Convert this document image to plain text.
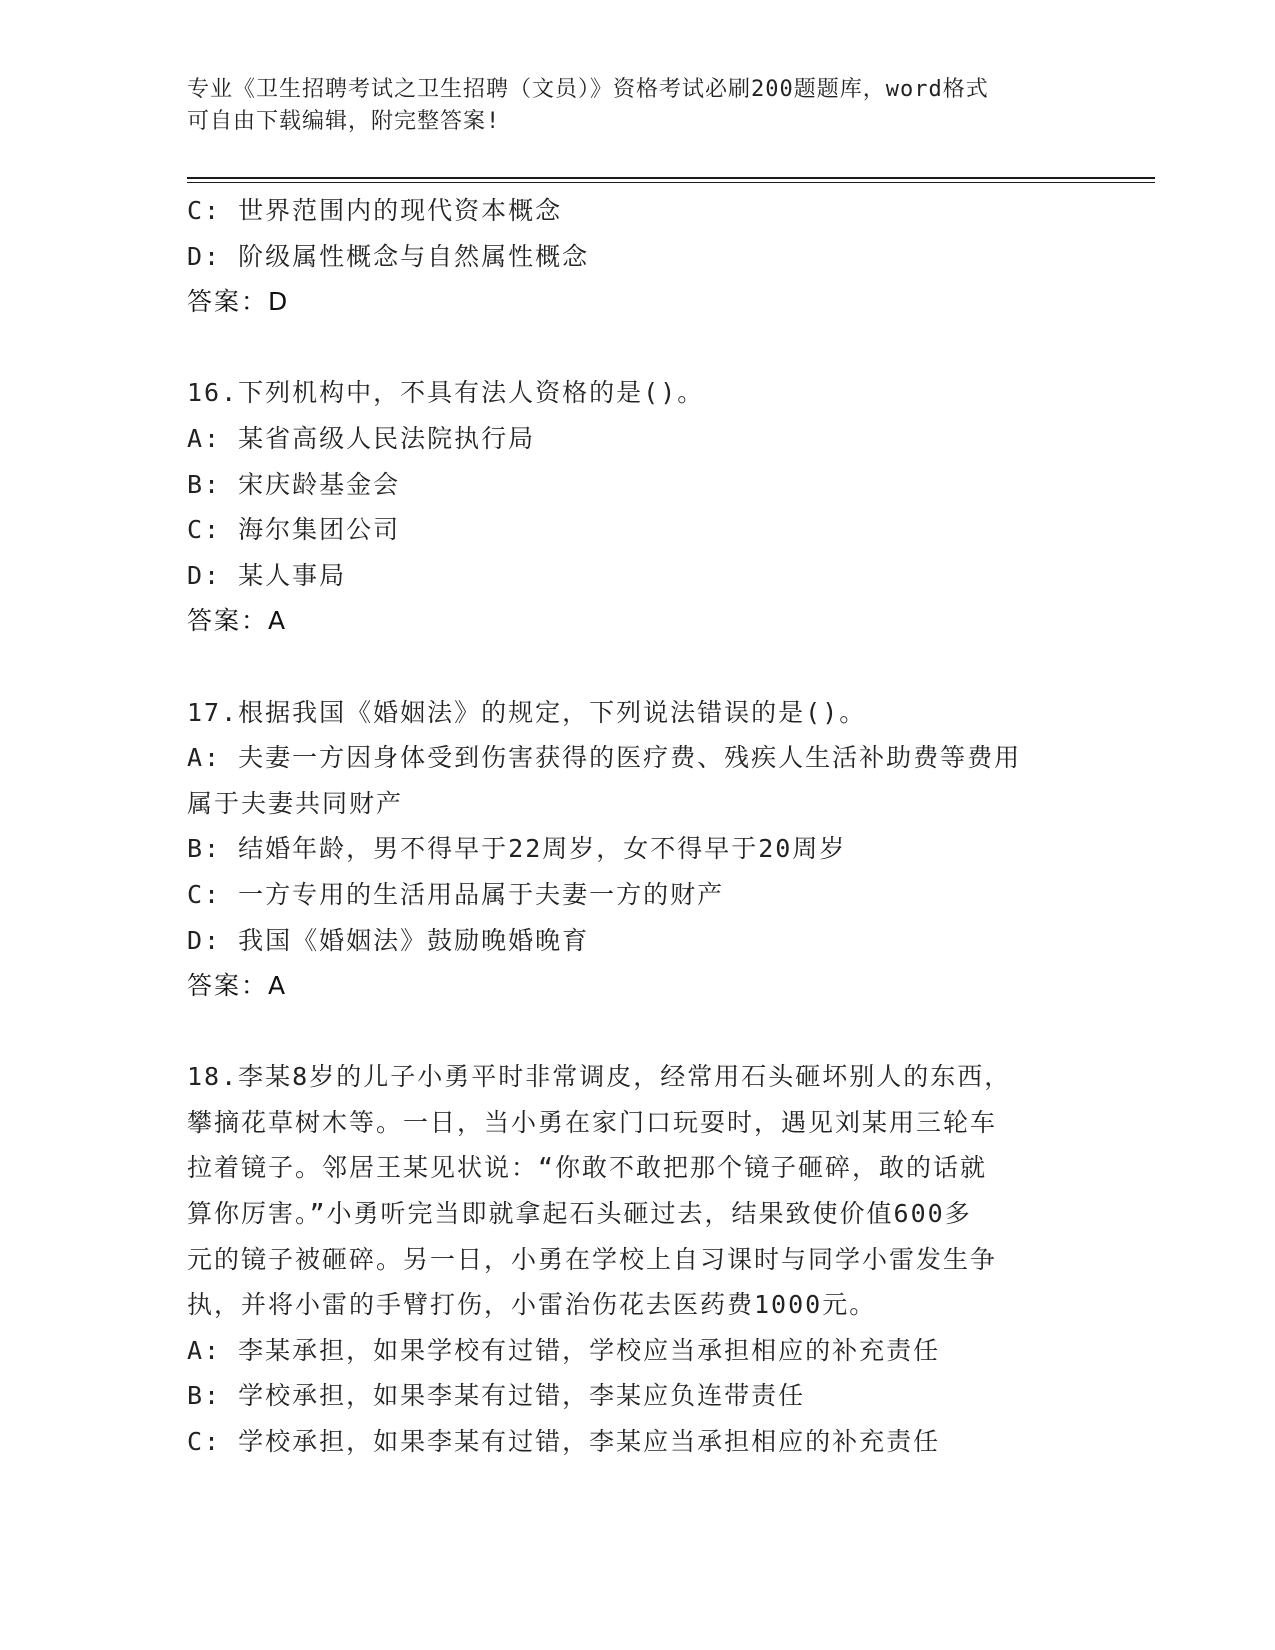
专业《卫生招聘考试之卫生招聘（文员）》资格考试必刷200题题库，word格式
可自由下载编辑，附完整答案!
C: 世界范围内的现代资本概念
D: 阶级属性概念与自然属性概念
答案：D
16.下列机构中，不具有法人资格的是()。
A: 某省高级人民法院执行局
B: 宋庆龄基金会
C: 海尔集团公司
D: 某人事局
答案：A
17.根据我国《婚姻法》的规定，下列说法错误的是()。
A: 夫妻一方因身体受到伤害获得的医疗费、残疾人生活补助费等费用
属于夫妻共同财产
B: 结婚年龄，男不得早于22周岁，女不得早于20周岁
C: 一方专用的生活用品属于夫妻一方的财产
D: 我国《婚姻法》鼓励晚婚晚育
答案：A
18.李某8岁的儿子小勇平时非常调皮，经常用石头砸坏别人的东西，
攀摘花草树木等。一日，当小勇在家门口玩耍时，遇见刘某用三轮车
拉着镜子。邻居王某见状说：“你敢不敢把那个镜子砸碎，敢的话就
算你厉害。”小勇听完当即就拿起石头砸过去，结果致使价值600多
元的镜子被砸碎。另一日，小勇在学校上自习课时与同学小雷发生争
执，并将小雷的手臂打伤，小雷治伤花去医药费1000元。
A: 李某承担，如果学校有过错，学校应当承担相应的补充责任
B: 学校承担，如果李某有过错，李某应负连带责任
C: 学校承担，如果李某有过错，李某应当承担相应的补充责任
